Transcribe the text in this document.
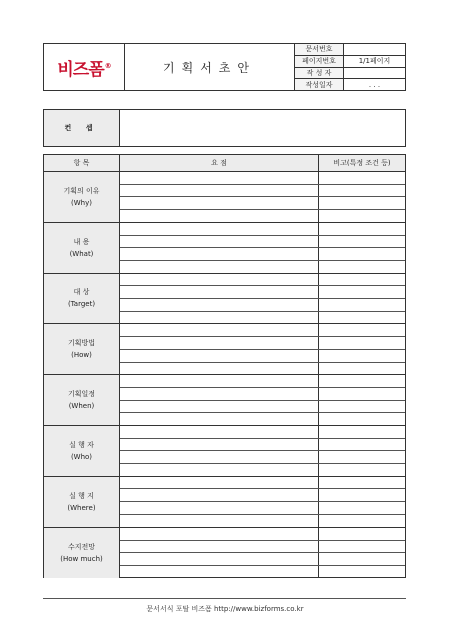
비즈폼®	기획서초안
문서번호
페이지번호	1/1페이지
작 성 자
작성일자	. . .
컨 셉
항 목	요 점	비고(특정 조건 등)
기획의 이유
(Why)
내 용
(What)
대 상
(Target)
기획방법
(How)
기획일정
(When)
실 행 자
(Who)
실 행 지
(Where)
수지전망
(How much)
문서서식 포탈 비즈폼 http://www.bizforms.co.kr
